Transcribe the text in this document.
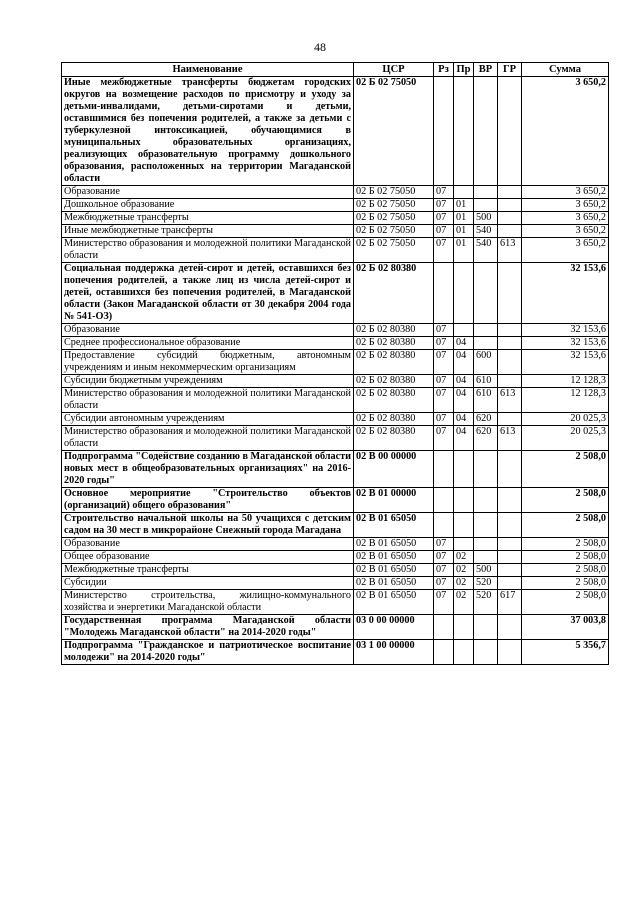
48
Наименование	ЦСР	Рз	Пр	ВР	ГР	Сумма
Иные межбюджетные трансферты бюджетам городских округов на возмещение расходов по присмотру и уходу за детьми-инвалидами, детьми-сиротами и детьми, оставшимися без попечения родителей, а также за детьми с туберкулезной интоксикацией, обучающимися в муниципальных образовательных организациях, реализующих образовательную программу дошкольного образования, расположенных на территории Магаданской области	02 Б 02 75050					3 650,2
Образование	02 Б 02 75050	07				3 650,2
Дошкольное образование	02 Б 02 75050	07	01			3 650,2
Межбюджетные трансферты	02 Б 02 75050	07	01	500		3 650,2
Иные межбюджетные трансферты	02 Б 02 75050	07	01	540		3 650,2
Министерство образования и молодежной политики Магаданской области	02 Б 02 75050	07	01	540	613	3 650,2
Социальная поддержка детей-сирот и детей, оставшихся без попечения родителей, а также лиц из числа детей-сирот и детей, оставшихся без попечения родителей, в Магаданской области (Закон Магаданской области от 30 декабря 2004 года № 541-ОЗ)	02 Б 02 80380					32 153,6
Образование	02 Б 02 80380	07				32 153,6
Среднее профессиональное образование	02 Б 02 80380	07	04			32 153,6
Предоставление субсидий бюджетным, автономным учреждениям и иным некоммерческим организациям	02 Б 02 80380	07	04	600		32 153,6
Субсидии бюджетным учреждениям	02 Б 02 80380	07	04	610		12 128,3
Министерство образования и молодежной политики Магаданской области	02 Б 02 80380	07	04	610	613	12 128,3
Субсидии автономным учреждениям	02 Б 02 80380	07	04	620		20 025,3
Министерство образования и молодежной политики Магаданской области	02 Б 02 80380	07	04	620	613	20 025,3
Подпрограмма "Содействие созданию в Магаданской области новых мест в общеобразовательных организациях" на 2016-2020 годы"	02 В 00 00000					2 508,0
Основное мероприятие "Строительство объектов (организаций) общего образования"	02 В 01 00000					2 508,0
Строительство начальной школы на 50 учащихся с детским садом на 30 мест в микрорайоне Снежный города Магадана	02 В 01 65050					2 508,0
Образование	02 В 01 65050	07				2 508,0
Общее образование	02 В 01 65050	07	02			2 508,0
Межбюджетные трансферты	02 В 01 65050	07	02	500		2 508,0
Субсидии	02 В 01 65050	07	02	520		2 508,0
Министерство строительства, жилищно-коммунального хозяйства и энергетики Магаданской области	02 В 01 65050	07	02	520	617	2 508,0
Государственная программа Магаданской области "Молодежь Магаданской области" на 2014-2020 годы"	03 0 00 00000					37 003,8
Подпрограмма "Гражданское и патриотическое воспитание молодежи" на 2014-2020 годы"	03 1 00 00000					5 356,7
